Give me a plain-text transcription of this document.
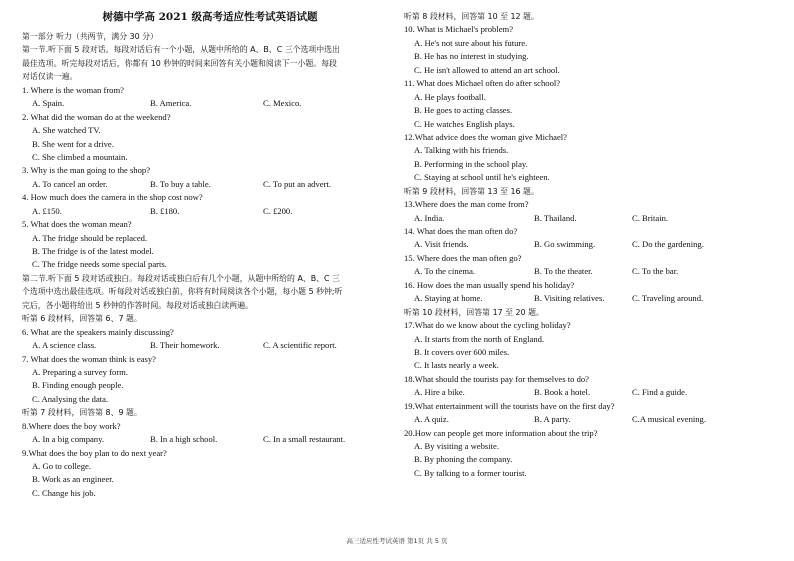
树德中学高 2021 级高考适应性考试英语试题
第一部分 听力（共两节，满分 30 分）
第一节.听下面 5 段对话。每段对话后有一个小题，从题中所给的 A、B、C 三个选项中选出
最佳选项。听完每段对话后，你都有 10 秒钟的时间来回答有关小题和阅读下一小题。每段
对话仅读一遍。
1. Where is the woman from?
A. Spain.	B. America.	C. Mexico.
2. What did the woman do at the weekend?
A. She watched TV.
B. She went for a drive.
C. She climbed a mountain.
3. Why is the man going to the shop?
A. To cancel an order.	B. To buy a table.	C. To put an advert.
4. How much does the camera in the shop cost now?
A. £150.	B. £180.	C. £200.
5. What does the woman mean?
A. The fridge should be replaced.
B. The fridge is of the latest model.
C. The fridge needs some special parts.
第二节.听下面 5 段对话或独白。每段对话或独白后有几个小题，从题中所给的 A、B、C 三
个选项中选出最佳选项。听每段对话或独白前，你将有时间阅读各个小题，每小题 5 秒钟;听
完后，各小题将给出 5 秒钟的作答时间。每段对话或独白读两遍。
听第 6 段材料，回答第 6、7 题。
6. What are the speakers mainly discussing?
A. A science class.	B. Their homework.	C. A scientific report.
7. What does the woman think is easy?
A. Preparing a survey form.
B. Finding enough people.
C. Analysing the data.
听第 7 段材料，回答第 8、9 题。
8.Where does the boy work?
A. In a big company.	B. In a high school.	C. In a small restaurant.
9.What does the boy plan to do next year?
A. Go to college.
B. Work as an engineer.
C. Change his job.
听第 8 段材料，回答第 10 至 12 题。
10. What is Michael's problem?
A. He's not sure about his future.
B. He has no interest in studying.
C. He isn't allowed to attend an art school.
11. What does Michael often do after school?
A. He plays football.
B. He goes to acting classes.
C. He watches English plays.
12.What advice does the woman give Michael?
A. Talking with his friends.
B. Performing in the school play.
C. Staying at school until he's eighteen.
听第 9 段材料，回答第 13 至 16 题。
13.Where does the man come from?
A. India.	B. Thailand.	C. Britain.
14. What does the man often do?
A. Visit friends.	B. Go swimming.	C. Do the gardening.
15. Where does the man often go?
A. To the cinema.	B. To the theater.	C. To the bar.
16. How does the man usually spend his holiday?
A. Staying at home.	B. Visiting relatives.	C. Traveling around.
听第 10 段材料，回答第 17 至 20 题。
17.What do we know about the cycling holiday?
A. It starts from the north of England.
B. It covers over 600 miles.
C. It lasts nearly a week.
18.What should the tourists pay for themselves to do?
A. Hire a bike.	B. Book a hotel.	C. Find a guide.
19.What entertainment will the tourists have on the first day?
A. A quiz.	B. A party.	C.A musical evening.
20.How can people get more information about the trip?
A. By visiting a website.
B. By phoning the company.
C. By talking to a former tourist.
高三适应性考试英语 第1页 共 5 页
